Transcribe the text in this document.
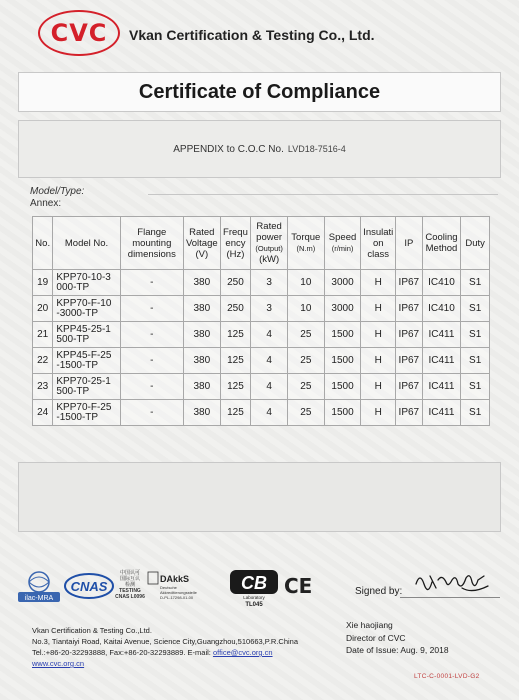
CVC Vkan Certification & Testing Co., Ltd.
Certificate of Compliance
APPENDIX to C.O.C No. LVD18-7516-4
Model/Type:
Annex:
No.	Model No.	Flange
mounting
dimensions	Rated
Voltage
(V)	Frequ
ency
(Hz)	Rated
power
(Output)
(kW)	Torque
(N.m)	Speed
(r/min)	Insulati
on
class	IP	Cooling
Method	Duty
19	KPP70-10-3
000-TP	-	380	250	3	10	3000	H	IP67	IC410	S1
20	KPP70-F-10
-3000-TP	-	380	250	3	10	3000	H	IP67	IC410	S1
21	KPP45-25-1
500-TP	-	380	125	4	25	1500	H	IP67	IC411	S1
22	KPP45-F-25
-1500-TP	-	380	125	4	25	1500	H	IP67	IC411	S1
23	KPP70-25-1
500-TP	-	380	125	4	25	1500	H	IP67	IC411	S1
24	KPP70-F-25
-1500-TP	-	380	125	4	25	1500	H	IP67	IC411	S1
ilac-MRA
CNAS
中国认可
国际互认
检测
TESTING
CNAS L0096
DAkkS
Deutsche
Akkreditierungsstelle
D-PL-17298-01-00
CB
Laboratory
TL045
CE	Signed by:
Vkan Certification & Testing Co.,Ltd.
No.3, Tiantaiyi Road, Kaitai Avenue, Science City,Guangzhou,510663,P.R.China
Tel.:+86-20-32293888, Fax:+86-20-32293889. E-mail: office@cvc.org.cn
www.cvc.org.cn
Xie haojiang
Director of CVC
Date of Issue: Aug. 9, 2018
LTC-C-0001-LVD-G2
